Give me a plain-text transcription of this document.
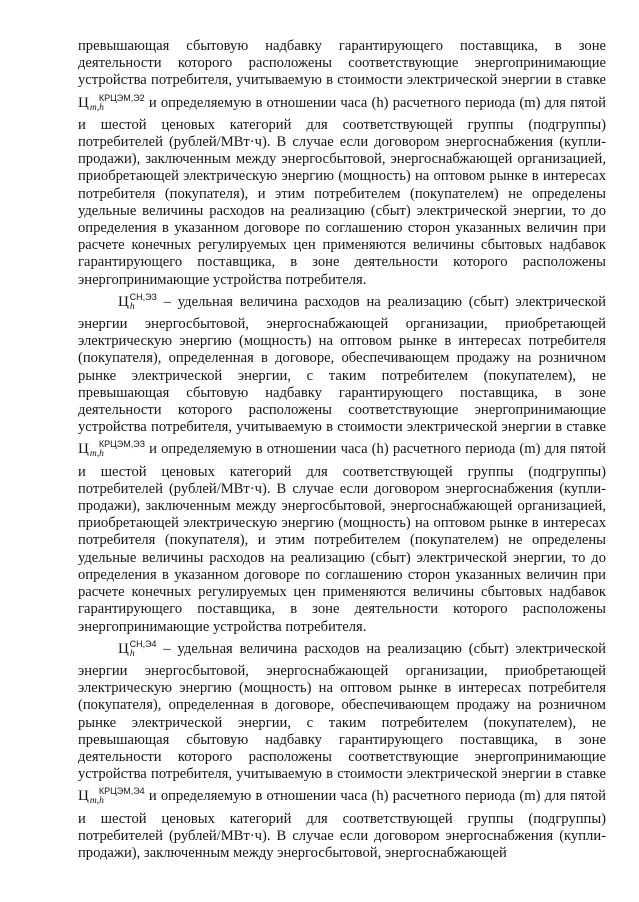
превышающая сбытовую надбавку гарантирующего поставщика, в зоне деятельности которого расположены соответствующие энергопринимающие устройства потребителя, учитываемую в стоимости электрической энергии в ставке $Ц_{m,h}^{КРЦЭМ,Э2}$ и определяемую в отношении часа (h) расчетного периода (m) для пятой и шестой ценовых категорий для соответствующей группы (подгруппы) потребителей (рублей/МВт·ч). В случае если договором энергоснабжения (купли-продажи), заключенным между энергосбытовой, энергоснабжающей организацией, приобретающей электрическую энергию (мощность) на оптовом рынке в интересах потребителя (покупателя), и этим потребителем (покупателем) не определены удельные величины расходов на реализацию (сбыт) электрической энергии, то до определения в указанном договоре по соглашению сторон указанных величин при расчете конечных регулируемых цен применяются величины сбытовых надбавок гарантирующего поставщика, в зоне деятельности которого расположены энергопринимающие устройства потребителя.

$Ц_h^{СН,ЭЗ}$ – удельная величина расходов на реализацию (сбыт) электрической энергии энергосбытовой, энергоснабжающей организации, приобретающей электрическую энергию (мощность) на оптовом рынке в интересах потребителя (покупателя), определенная в договоре, обеспечивающем продажу на розничном рынке электрической энергии, с таким потребителем (покупателем), не превышающая сбытовую надбавку гарантирующего поставщика, в зоне деятельности которого расположены соответствующие энергопринимающие устройства потребителя, учитываемую в стоимости электрической энергии в ставке $Ц_{m,h}^{КРЦЭМ,ЭЗ}$ и определяемую в отношении часа (h) расчетного периода (m) для пятой и шестой ценовых категорий для соответствующей группы (подгруппы) потребителей (рублей/МВт·ч). В случае если договором энергоснабжения (купли-продажи), заключенным между энергосбытовой, энергоснабжающей организацией, приобретающей электрическую энергию (мощность) на оптовом рынке в интересах потребителя (покупателя), и этим потребителем (покупателем) не определены удельные величины расходов на реализацию (сбыт) электрической энергии, то до определения в указанном договоре по соглашению сторон указанных величин при расчете конечных регулируемых цен применяются величины сбытовых надбавок гарантирующего поставщика, в зоне деятельности которого расположены энергопринимающие устройства потребителя.

$Ц_h^{СН,Э4}$ – удельная величина расходов на реализацию (сбыт) электрической энергии энергосбытовой, энергоснабжающей организации, приобретающей электрическую энергию (мощность) на оптовом рынке в интересах потребителя (покупателя), определенная в договоре, обеспечивающем продажу на розничном рынке электрической энергии, с таким потребителем (покупателем), не превышающая сбытовую надбавку гарантирующего поставщика, в зоне деятельности которого расположены соответствующие энергопринимающие устройства потребителя, учитываемую в стоимости электрической энергии в ставке $Ц_{m,h}^{КРЦЭМ,Э4}$ и определяемую в отношении часа (h) расчетного периода (m) для пятой и шестой ценовых категорий для соответствующей группы (подгруппы) потребителей (рублей/МВт·ч). В случае если договором энергоснабжения (купли-продажи), заключенным между энергосбытовой, энергоснабжающей
